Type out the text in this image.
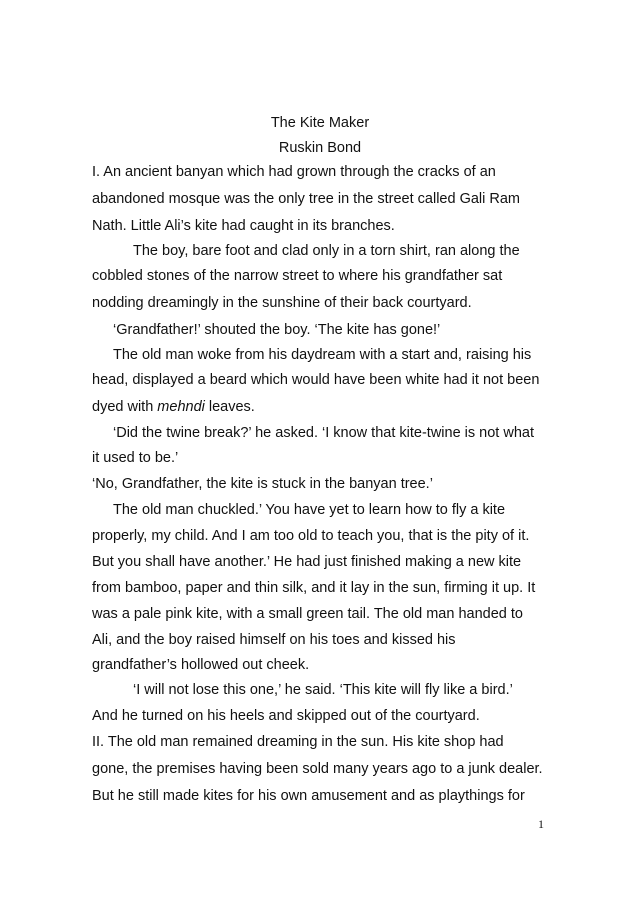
The Kite Maker
Ruskin Bond
I. An ancient banyan which had grown through the cracks of an
abandoned mosque was the only tree in the street called Gali Ram
Nath. Little Ali’s kite had caught in its branches.
The boy, bare foot and clad only in a torn shirt, ran along the
cobbled stones of the narrow street to where his grandfather sat
nodding dreamingly in the sunshine of their back courtyard.
‘Grandfather!’ shouted the boy. ‘The kite has gone!’
The old man woke from his daydream with a start and, raising his
head, displayed a beard which would have been white had it not been
dyed with mehndi leaves.
‘Did the twine break?’ he asked. ‘I know that kite-twine is not what
it used to be.’
‘No, Grandfather, the kite is stuck in the banyan tree.’
The old man chuckled.’ You have yet to learn how to fly a kite
properly, my child. And I am too old to teach you, that is the pity of it.
But you shall have another.’ He had just finished making a new kite
from bamboo, paper and thin silk, and it lay in the sun, firming it up. It
was a pale pink kite, with a small green tail. The old man handed to
Ali, and the boy raised himself on his toes and kissed his
grandfather’s hollowed out cheek.
‘I will not lose this one,’ he said. ‘This kite will fly like a bird.’
And he turned on his heels and skipped out of the courtyard.
II. The old man remained dreaming in the sun. His kite shop had
gone, the premises having been sold many years ago to a junk dealer.
But he still made kites for his own amusement and as playthings for
1
